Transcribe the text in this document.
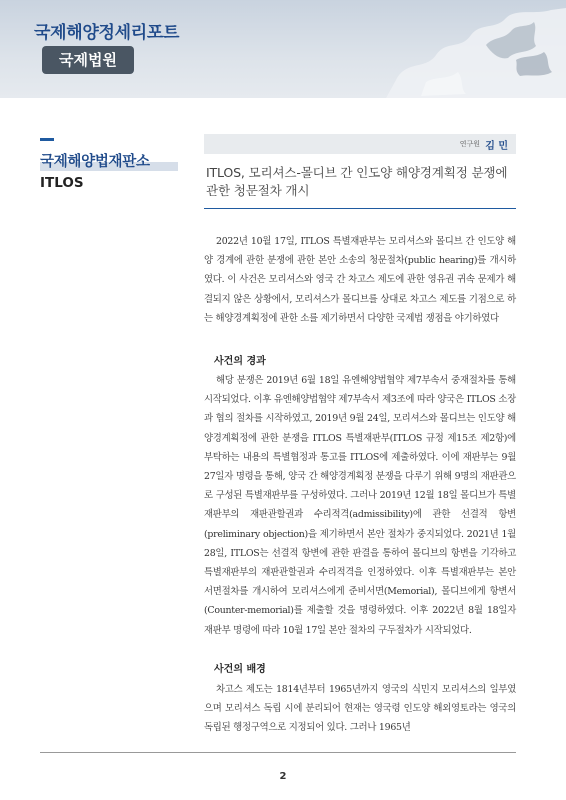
국제해양정세리포트
국제법원
국제해양법재판소
ITLOS
연구원 김 민
ITLOS, 모리셔스-몰디브 간 인도양 해양경계획정 분쟁에 관한 청문절차 개시

2022년 10월 17일, ITLOS 특별재판부는 모리셔스와 몰디브 간 인도양 해양 경계에 관한 분쟁에 관한 본안 소송의 청문절차(public hearing)를 개시하였다. 이 사건은 모리셔스와 영국 간 차고스 제도에 관한 영유권 귀속 문제가 해결되지 않은 상황에서, 모리셔스가 몰디브를 상대로 차고스 제도를 기점으로 하는 해양경계획정에 관한 소를 제기하면서 다양한 국제법 쟁점을 야기하였다

사건의 경과

해당 분쟁은 2019년 6월 18일 유엔해양법협약 제7부속서 중재절차를 통해 시작되었다. 이후 유엔해양법협약 제7부속서 제3조에 따라 양국은 ITLOS 소장과 협의 절차를 시작하였고, 2019년 9월 24일, 모리셔스와 몰디브는 인도양 해양경계획정에 관한 분쟁을 ITLOS 특별재판부(ITLOS 규정 제15조 제2항)에 부탁하는 내용의 특별협정과 통고를 ITLOS에 제출하였다. 이에 재판부는 9월 27일자 명령을 통해, 양국 간 해양경계획정 분쟁을 다루기 위해 9명의 재판관으로 구성된 특별재판부를 구성하였다. 그러나 2019년 12월 18일 몰디브가 특별재판부의 재판관할권과 수리적격(admissibility)에 관한 선결적 항변(preliminary objection)을 제기하면서 본안 절차가 중지되었다. 2021년 1월 28일, ITLOS는 선결적 항변에 관한 판결을 통하여 몰디브의 항변을 기각하고 특별재판부의 재판관할권과 수리적격을 인정하였다. 이후 특별재판부는 본안 서면절차를 개시하여 모리셔스에게 준비서면(Memorial), 몰디브에게 항변서(Counter-memorial)를 제출할 것을 명령하였다. 이후 2022년 8월 18일자 재판부 명령에 따라 10월 17일 본안 절차의 구두절차가 시작되었다.

사건의 배경

차고스 제도는 1814년부터 1965년까지 영국의 식민지 모리셔스의 일부였으며 모리셔스 독립 시에 분리되어 현재는 영국령 인도양 해외영토라는 영국의 독립된 행정구역으로 지정되어 있다. 그러나 1965년

2
